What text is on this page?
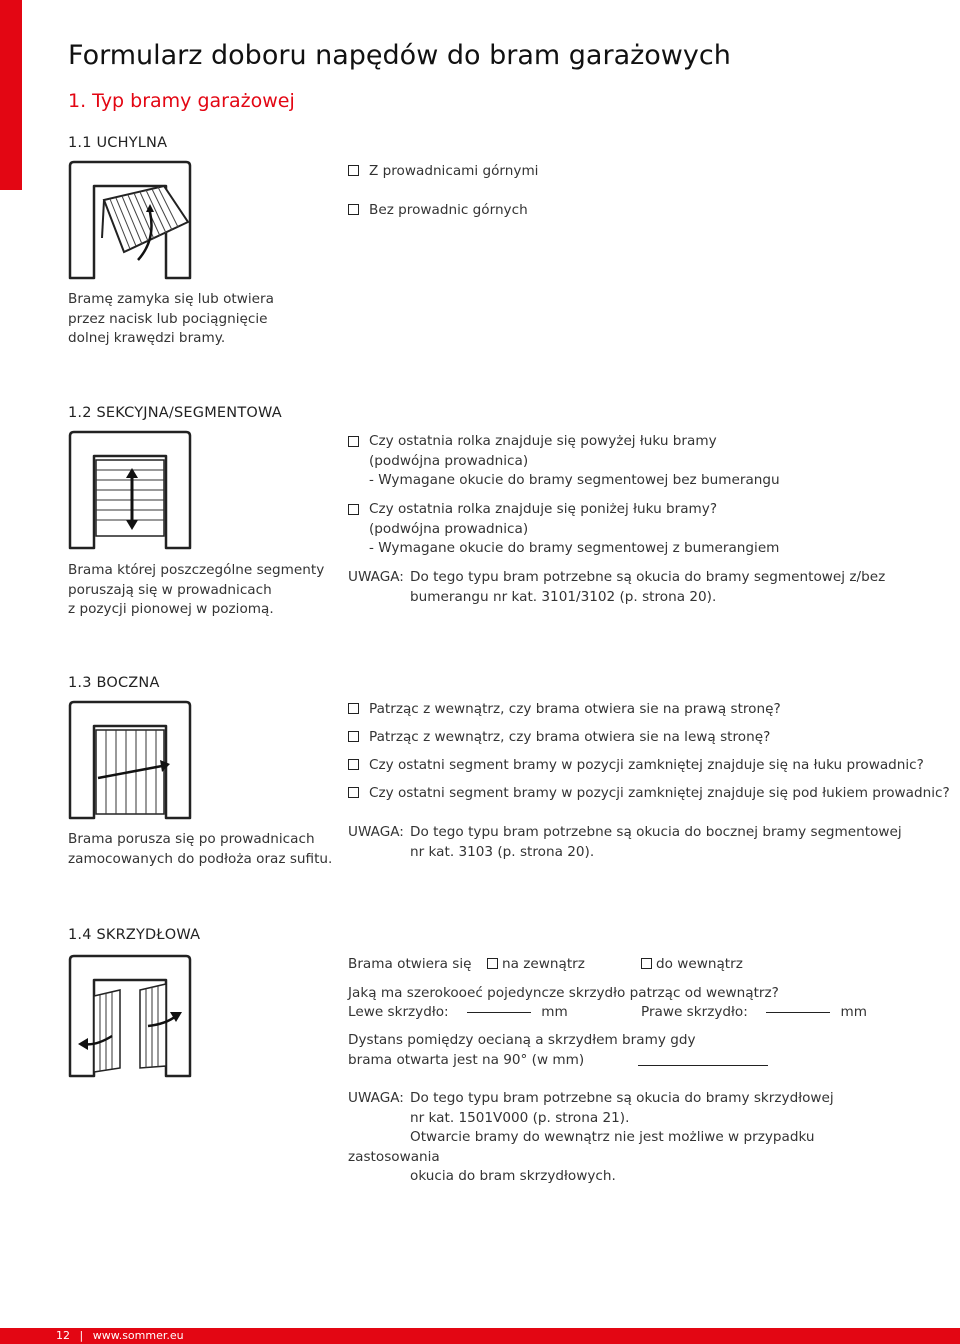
Formularz doboru napędów do bram garażowych
1. Typ bramy garażowej
1.1 UCHYLNA
Bramę zamyka się lub otwiera
przez nacisk lub pociągnięcie
dolnej krawędzi bramy.
Z prowadnicami górnymi
Bez prowadnic górnych
1.2 SEKCYJNA/SEGMENTOWA
Brama której poszczególne segmenty
poruszają się w prowadnicach
z pozycji pionowej w poziomą.
Czy ostatnia rolka znajduje się powyżej łuku bramy
(podwójna prowadnica)
- Wymagane okucie do bramy segmentowej bez bumerangu
Czy ostatnia rolka znajduje się poniżej łuku bramy?
(podwójna prowadnica)
- Wymagane okucie do bramy segmentowej z bumerangiem
UWAGA: Do tego typu bram potrzebne są okucia do bramy segmentowej z/bez
bumerangu nr kat. 3101/3102 (p. strona 20).
1.3 BOCZNA
Brama porusza się po prowadnicach
zamocowanych do podłoża oraz sufitu.
Patrząc z wewnątrz, czy brama otwiera sie na prawą stronę?
Patrząc z wewnątrz, czy brama otwiera sie na lewą stronę?
Czy ostatni segment bramy w pozycji zamkniętej znajduje się na łuku prowadnic?
Czy ostatni segment bramy w pozycji zamkniętej znajduje się pod łukiem prowadnic?
UWAGA: Do tego typu bram potrzebne są okucia do bocznej bramy segmentowej
nr kat. 3103 (p. strona 20).
1.4 SKRZYDŁOWA
Brama otwiera się	na zewnątrz	do wewnątrz
Jaką ma szerokooeć pojedyncze skrzydło patrząc od wewnątrz?
Lewe skrzydło:	mm	Prawe skrzydło:	mm
Dystans pomiędzy oecianą a skrzydłem bramy gdy
brama otwarta jest na 90° (w mm)
UWAGA: Do tego typu bram potrzebne są okucia do bramy skrzydłowej
nr kat. 1501V000 (p. strona 21).
Otwarcie bramy do wewnątrz nie jest możliwe w przypadku zastosowania
okucia do bram skrzydłowych.
12 | www.sommer.eu
